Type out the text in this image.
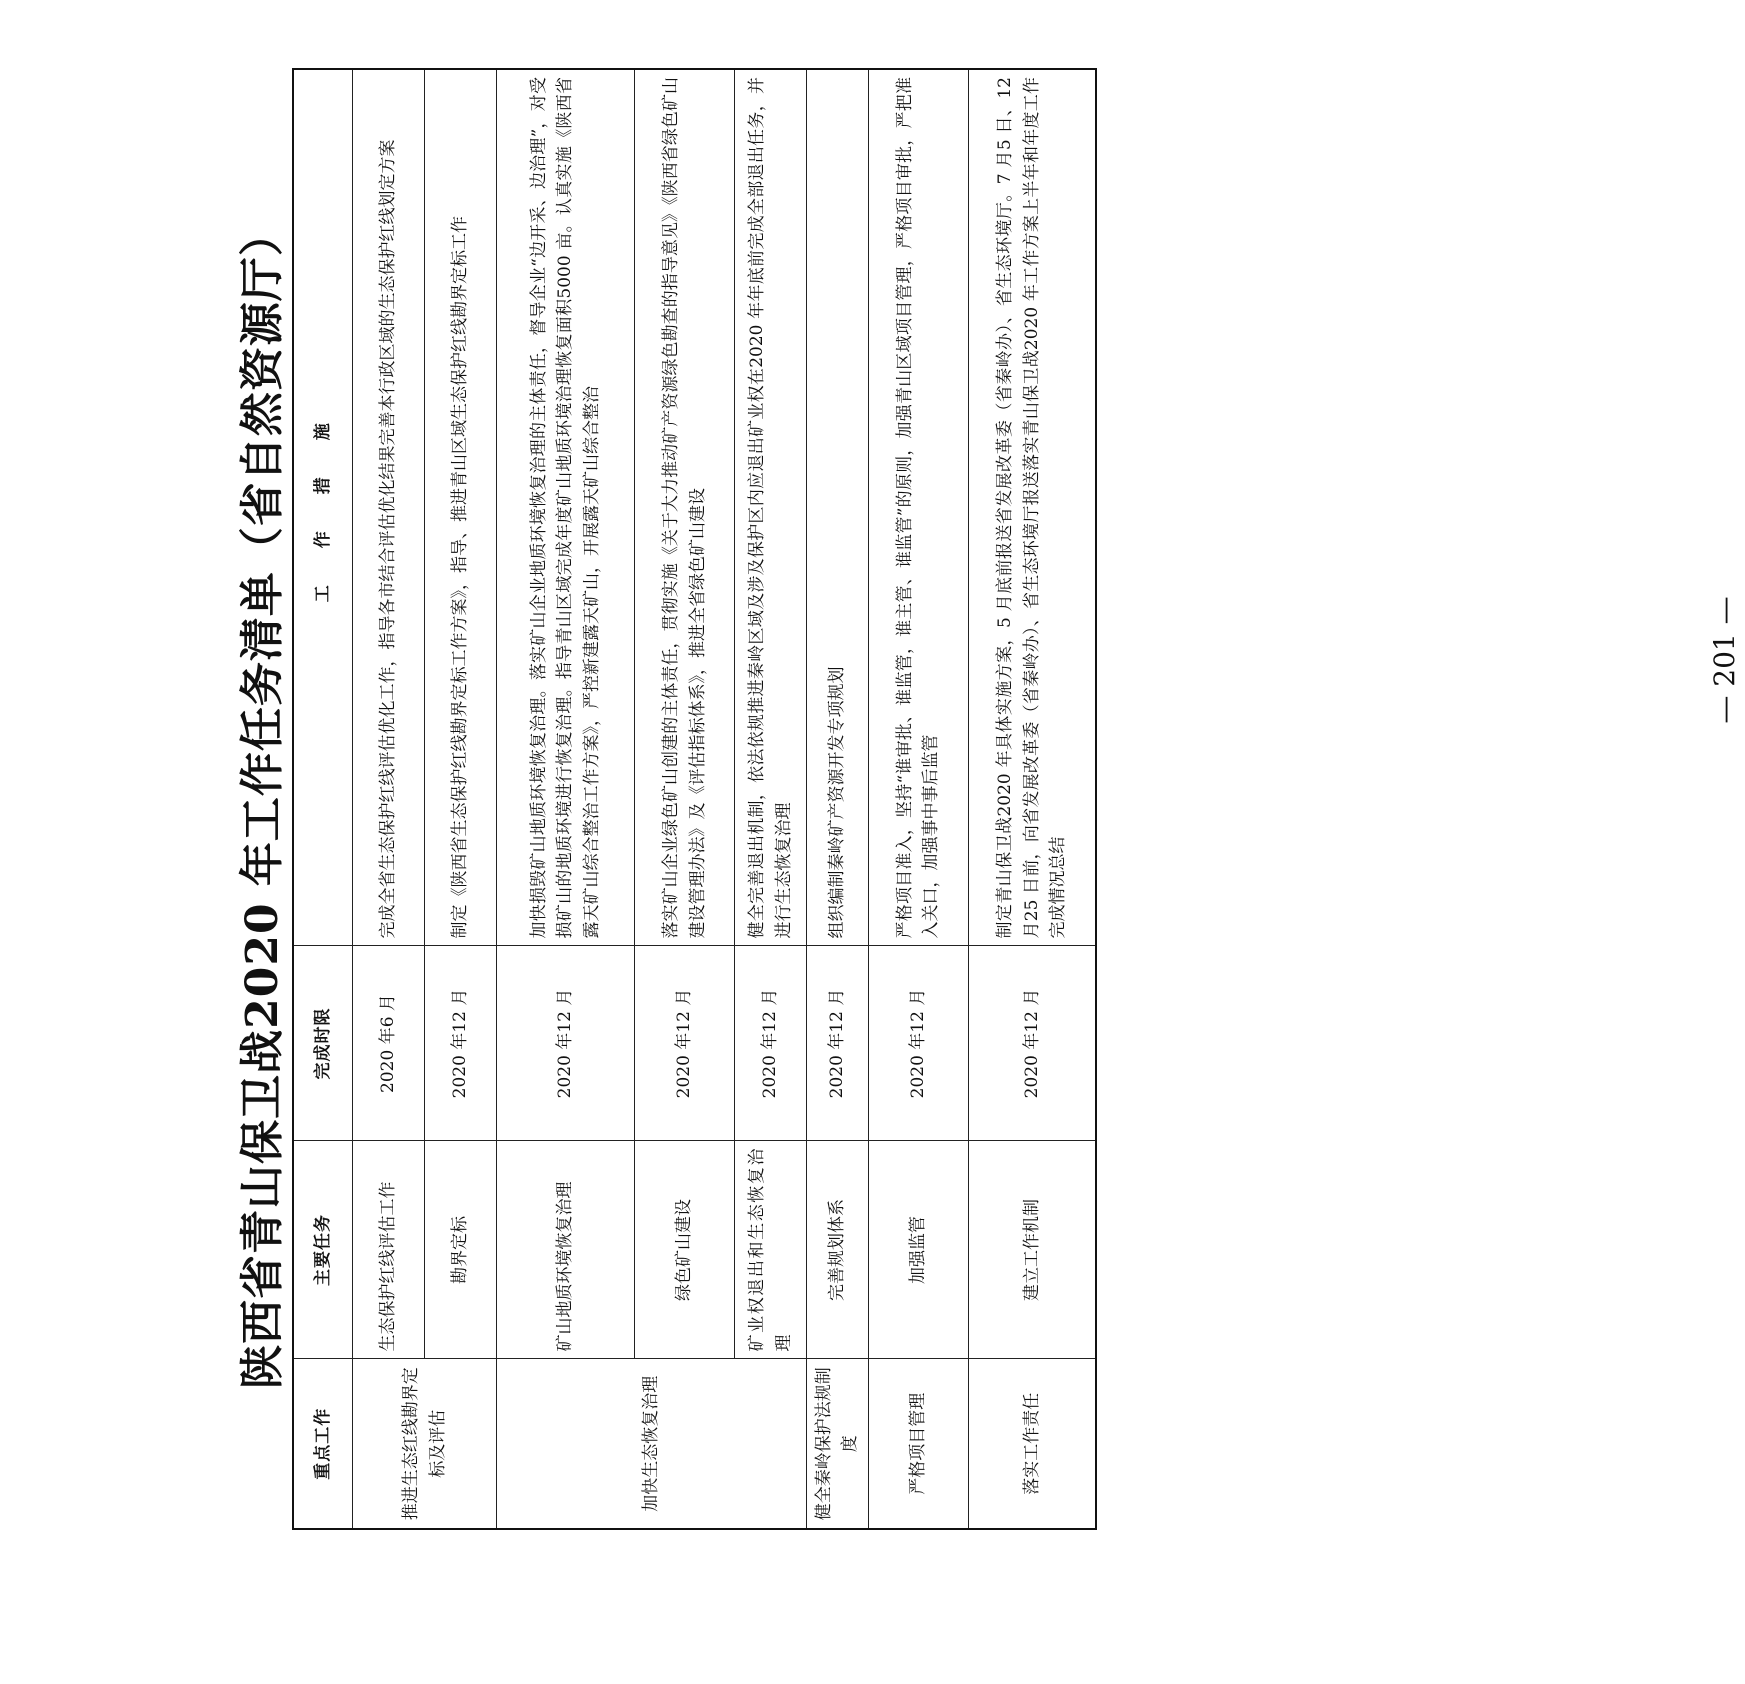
陕西省青山保卫战2020 年工作任务清单（省自然资源厅）
重点工作	主要任务	完成时限	工　作　措　施
推进生态红线勘界定标及评估	生态保护红线评估工作	2020 年6 月	完成全省生态保护红线评估优化工作，指导各市结合评估优化结果完善本行政区域的生态保护红线划定方案
	勘界定标	2020 年12 月	制定《陕西省生态保护红线勘界定标工作方案》，指导、推进青山区域生态保护红线勘界定标工作
加快生态恢复治理	矿山地质环境恢复治理	2020 年12 月	加快损毁矿山地质环境恢复治理。落实矿山企业地质环境恢复治理的主体责任，督导企业“边开采、边治理”，对受损矿山的地质环境进行恢复治理。指导青山区域完成年度矿山地质环境治理恢复面积5000 亩。认真实施《陕西省露天矿山综合整治工作方案》，严控新建露天矿山，开展露天矿山综合整治
	绿色矿山建设	2020 年12 月	落实矿山企业绿色矿山创建的主体责任，贯彻实施《关于大力推动矿产资源绿色勘查的指导意见》《陕西省绿色矿山建设管理办法》及《评估指标体系》，推进全省绿色矿山建设
	矿业权退出和生态恢复治理	2020 年12 月	健全完善退出机制，依法依规推进秦岭区域及涉及保护区内应退出矿业权在2020 年年底前完成全部退出任务，并进行生态恢复治理
健全秦岭保护法规制度	完善规划体系	2020 年12 月	组织编制秦岭矿产资源开发专项规划
严格项目管理	加强监管	2020 年12 月	严格项目准入，坚持“谁审批、谁监管，谁主管、谁监管”的原则，加强青山区域项目管理，严格项目审批，严把准入关口，加强事中事后监管
落实工作责任	建立工作机制	2020 年12 月	制定青山保卫战2020 年具体实施方案，5 月底前报送省发展改革委（省秦岭办）、省生态环境厅。7 月5 日、12 月25 日前，向省发展改革委（省秦岭办）、省生态环境厅报送落实青山保卫战2020 年工作方案上半年和年度工作完成情况总结
— 201 —
